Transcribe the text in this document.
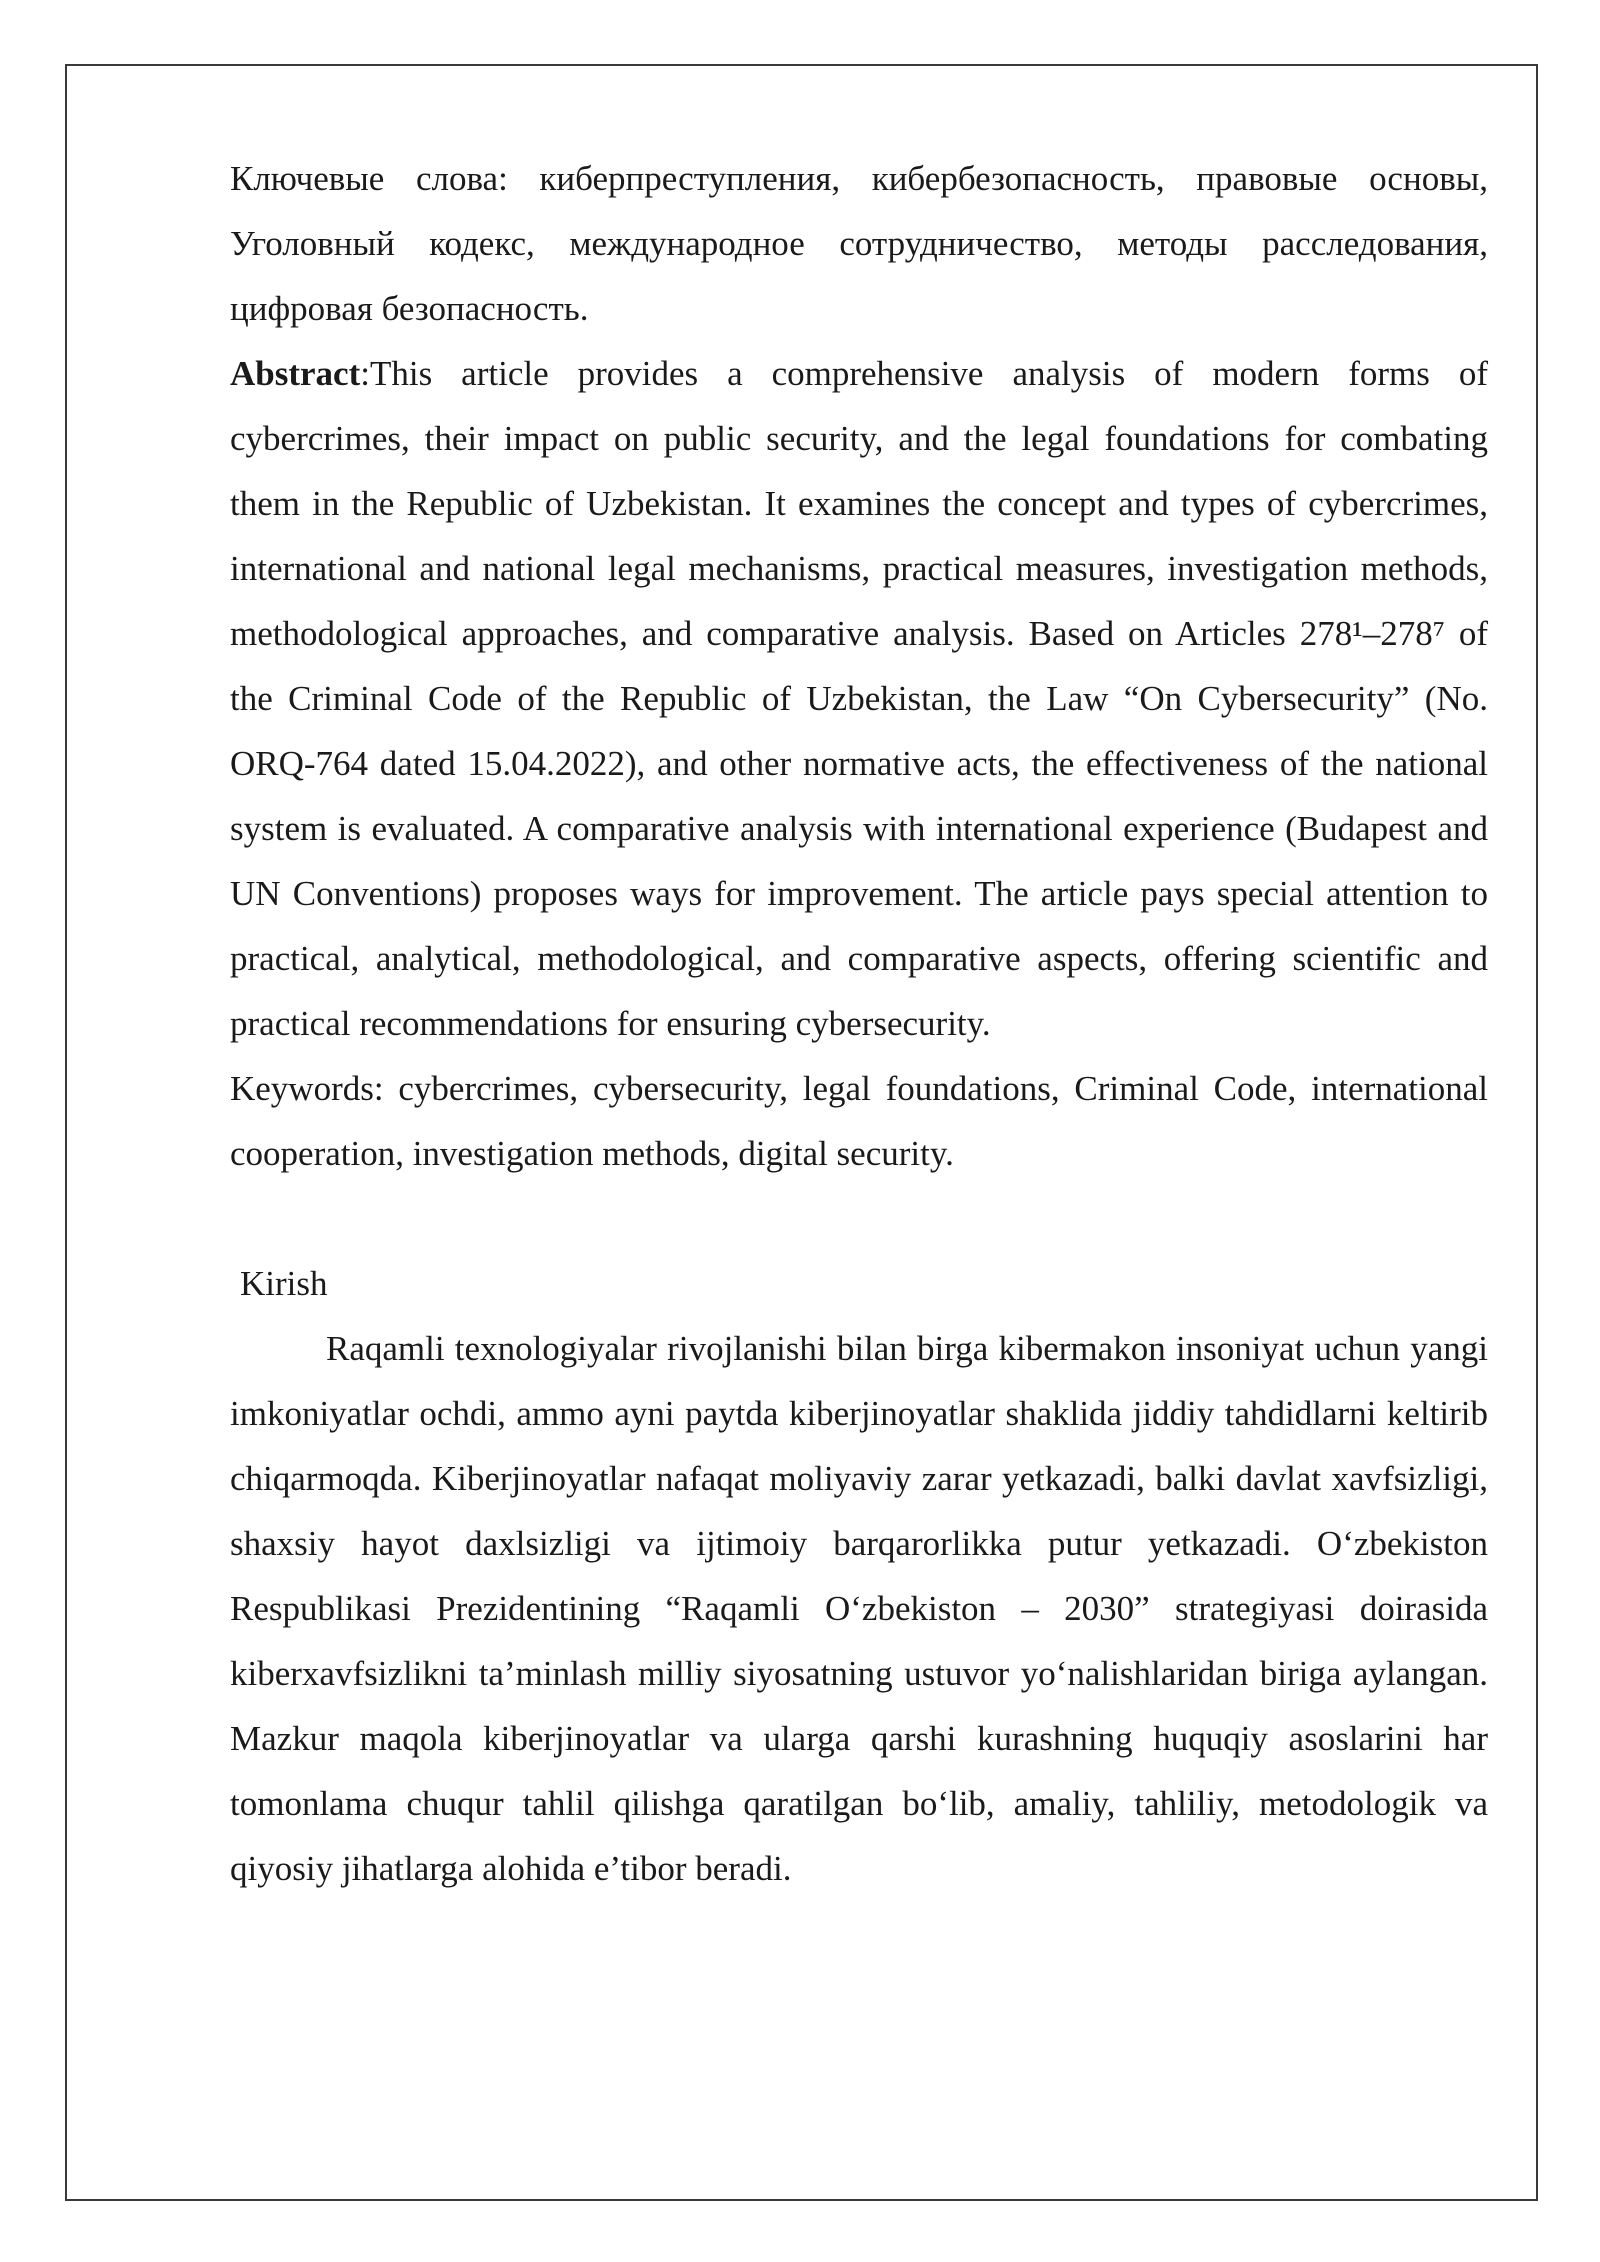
Ключевые слова: киберпреступления, кибербезопасность, правовые основы, Уголовный кодекс, международное сотрудничество, методы расследования, цифровая безопасность.

Abstract:This article provides a comprehensive analysis of modern forms of cybercrimes, their impact on public security, and the legal foundations for combating them in the Republic of Uzbekistan. It examines the concept and types of cybercrimes, international and national legal mechanisms, practical measures, investigation methods, methodological approaches, and comparative analysis. Based on Articles 278¹–278⁷ of the Criminal Code of the Republic of Uzbekistan, the Law “On Cybersecurity” (No. ORQ-764 dated 15.04.2022), and other normative acts, the effectiveness of the national system is evaluated. A comparative analysis with international experience (Budapest and UN Conventions) proposes ways for improvement. The article pays special attention to practical, analytical, methodological, and comparative aspects, offering scientific and practical recommendations for ensuring cybersecurity.

Keywords: cybercrimes, cybersecurity, legal foundations, Criminal Code, international cooperation, investigation methods, digital security.

Kirish

Raqamli texnologiyalar rivojlanishi bilan birga kibermakon insoniyat uchun yangi imkoniyatlar ochdi, ammo ayni paytda kiberjinoyatlar shaklida jiddiy tahdidlarni keltirib chiqarmoqda. Kiberjinoyatlar nafaqat moliyaviy zarar yetkazadi, balki davlat xavfsizligi, shaxsiy hayot daxlsizligi va ijtimoiy barqarorlikka putur yetkazadi. Oʻzbekiston Respublikasi Prezidentining “Raqamli Oʻzbekiston – 2030” strategiyasi doirasida kiberxavfsizlikni ta’minlash milliy siyosatning ustuvor yoʻnalishlaridan biriga aylangan. Mazkur maqola kiberjinoyatlar va ularga qarshi kurashning huquqiy asoslarini har tomonlama chuqur tahlil qilishga qaratilgan boʻlib, amaliy, tahliliy, metodologik va qiyosiy jihatlarga alohida e’tibor beradi.
